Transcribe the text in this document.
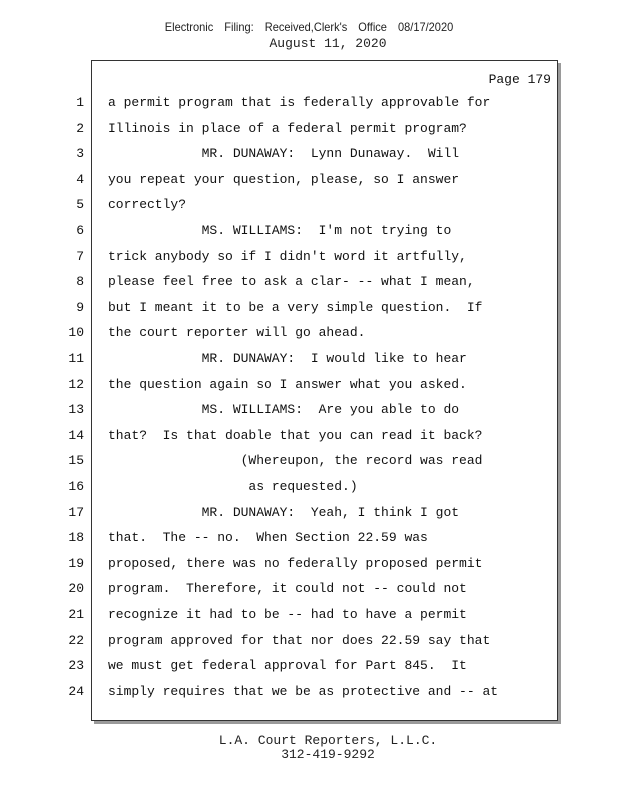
Electronic Filing: Received,Clerk's Office 08/17/2020
August 11, 2020
Page 179
1 a permit program that is federally approvable for
2 Illinois in place of a federal permit program?
3 MR. DUNAWAY:  Lynn Dunaway.  Will
4 you repeat your question, please, so I answer
5 correctly?
6 MS. WILLIAMS:  I'm not trying to
7 trick anybody so if I didn't word it artfully,
8 please feel free to ask a clar- -- what I mean,
9 but I meant it to be a very simple question.  If
10 the court reporter will go ahead.
11 MR. DUNAWAY:  I would like to hear
12 the question again so I answer what you asked.
13 MS. WILLIAMS:  Are you able to do
14 that?  Is that doable that you can read it back?
15 (Whereupon, the record was read
16 as requested.)
17 MR. DUNAWAY:  Yeah, I think I got
18 that.  The -- no.  When Section 22.59 was
19 proposed, there was no federally proposed permit
20 program.  Therefore, it could not -- could not
21 recognize it had to be -- had to have a permit
22 program approved for that nor does 22.59 say that
23 we must get federal approval for Part 845.  It
24 simply requires that we be as protective and -- at
L.A. Court Reporters, L.L.C.
312-419-9292
